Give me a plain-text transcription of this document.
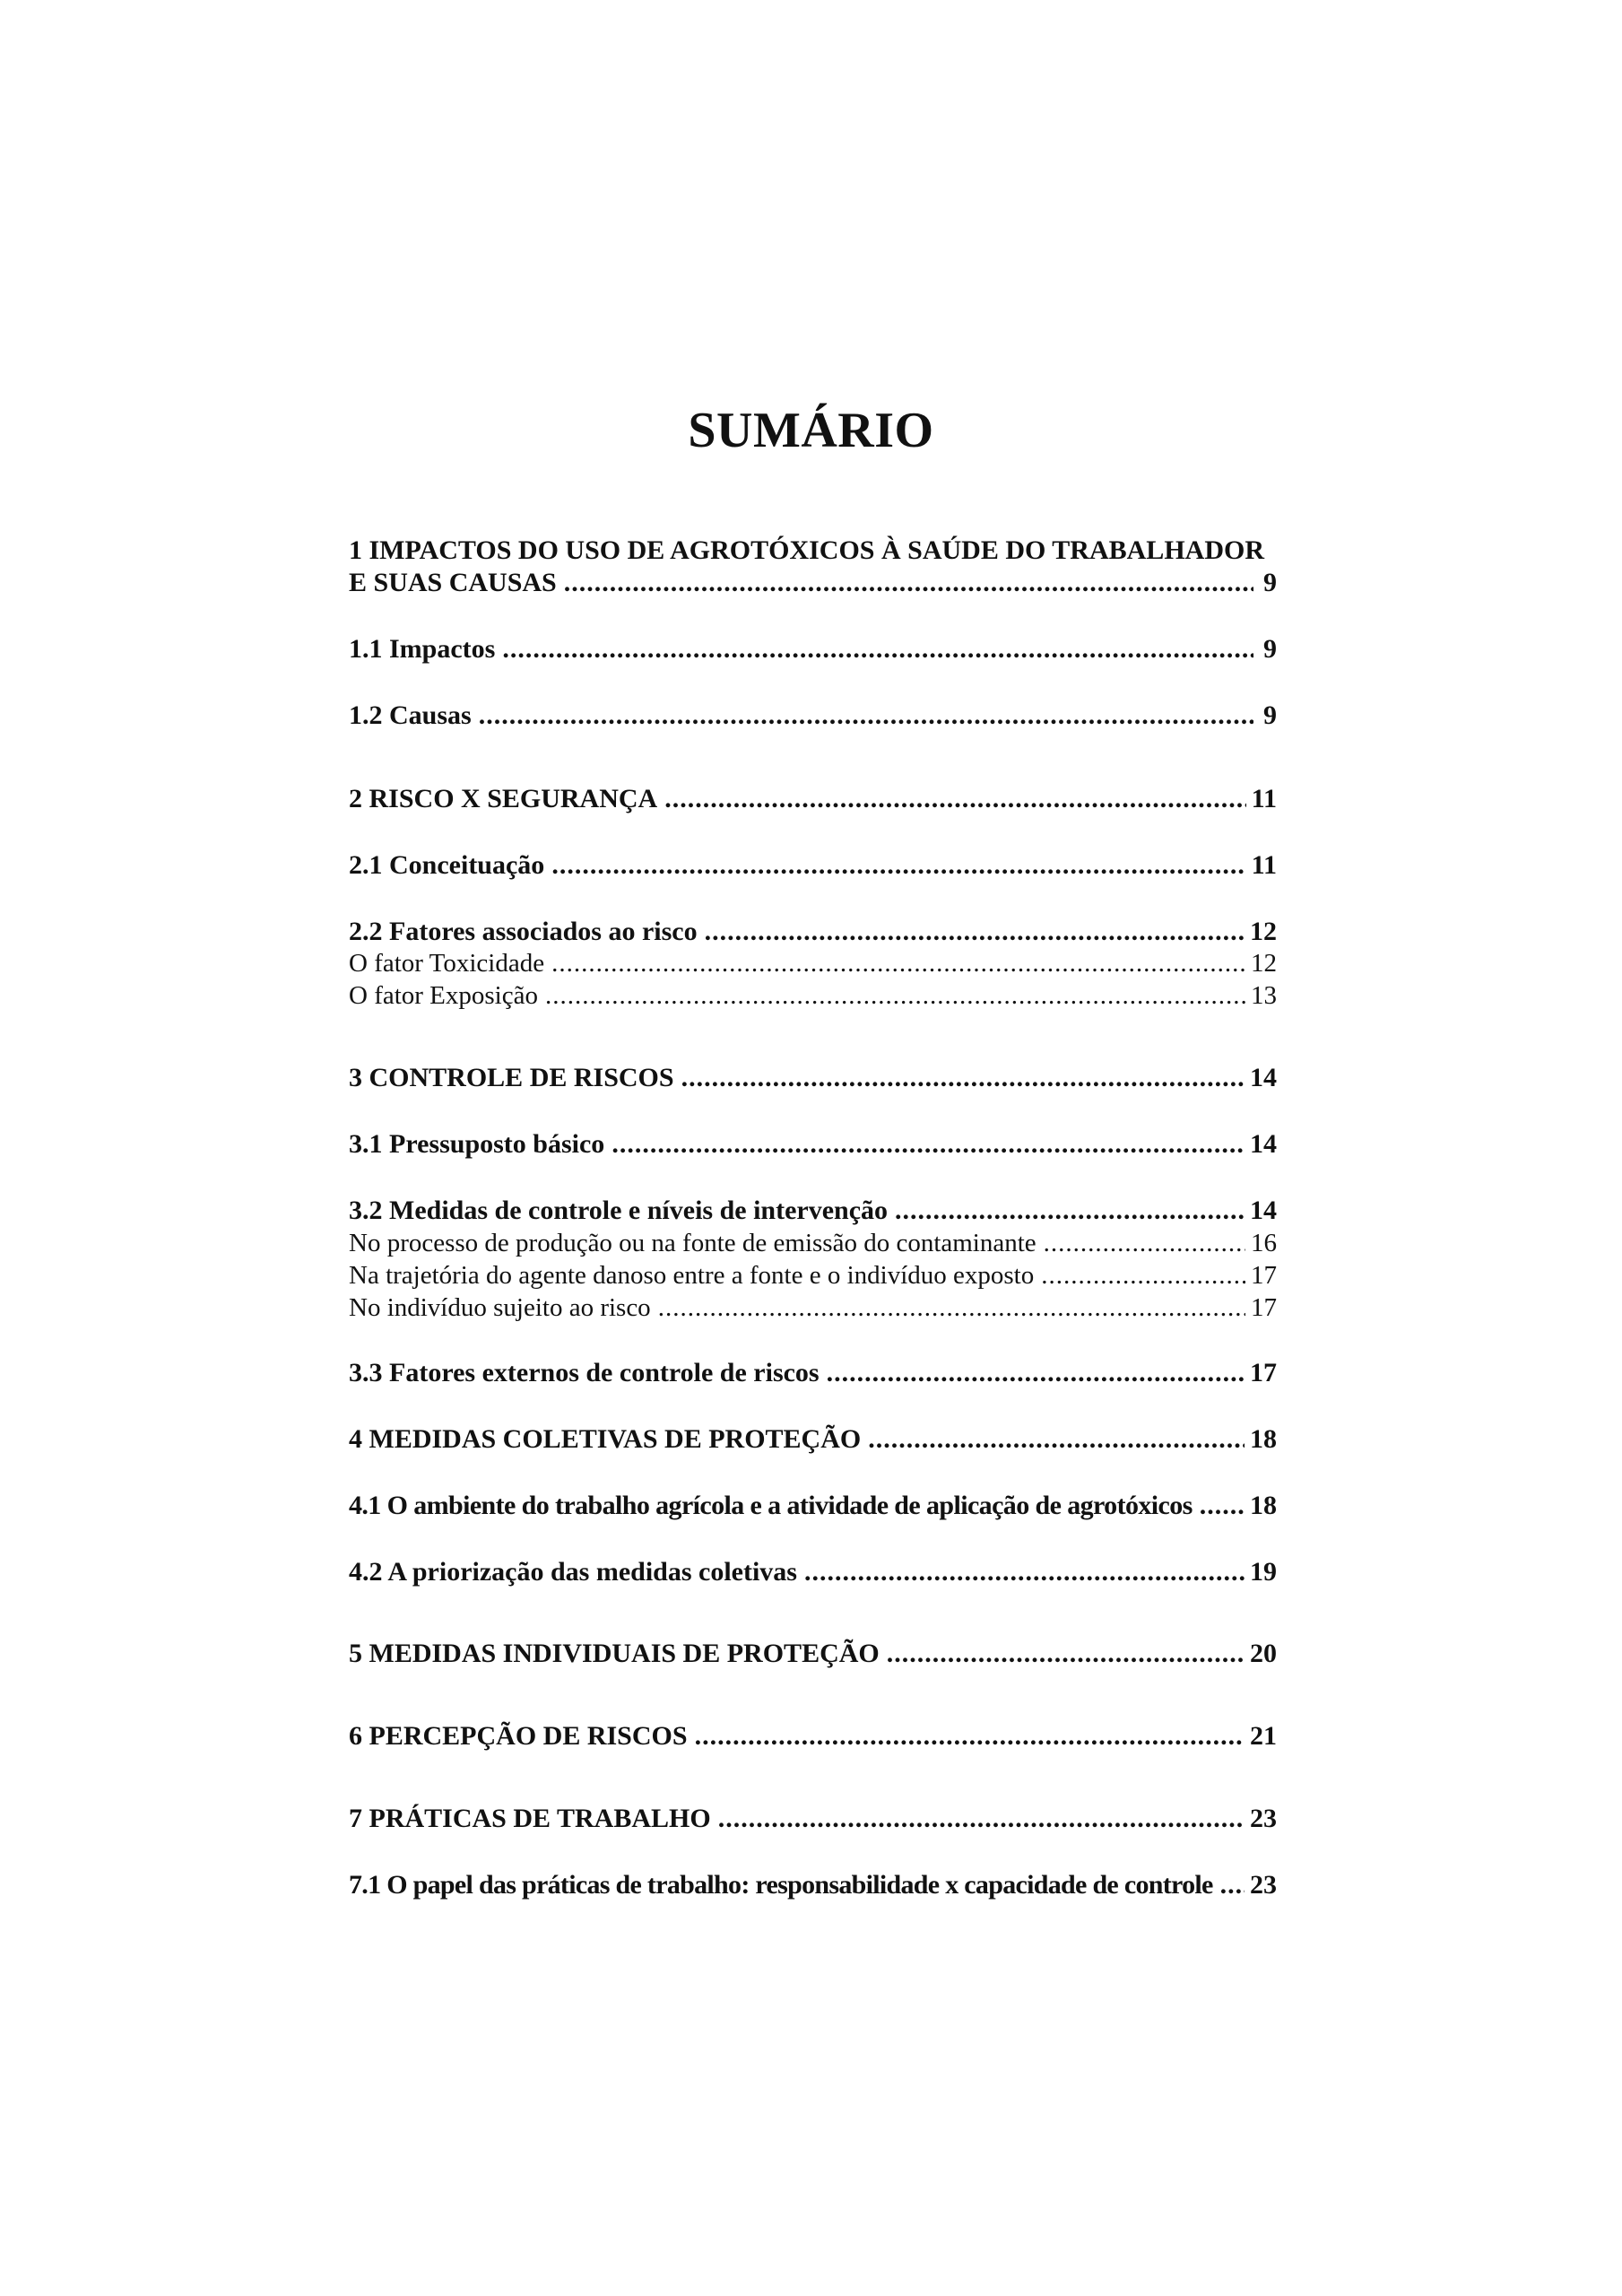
SUMÁRIO
1 IMPACTOS DO USO DE AGROTÓXICOS À SAÚDE DO TRABALHADOR
E SUAS CAUSAS .....	9
1.1 Impactos .....	9
1.2 Causas .....	9
2 RISCO X SEGURANÇA .....	11
2.1 Conceituação .....	11
2.2 Fatores associados ao risco .....	12
O fator Toxicidade .....	12
O fator Exposição .....	13
3 CONTROLE DE RISCOS .....	14
3.1 Pressuposto básico .....	14
3.2 Medidas de controle e níveis de intervenção .....	14
No processo de produção ou na fonte de emissão do contaminante .....	16
Na trajetória do agente danoso entre a fonte e o indivíduo exposto .....	17
No indivíduo sujeito ao risco .....	17
3.3 Fatores externos de controle de riscos .....	17
4 MEDIDAS COLETIVAS DE PROTEÇÃO .....	18
4.1 O ambiente do trabalho agrícola e a atividade de aplicação de agrotóxicos ..... 18
4.2 A priorização das medidas coletivas .....	19
5 MEDIDAS INDIVIDUAIS DE PROTEÇÃO .....	20
6 PERCEPÇÃO DE RISCOS .....	21
7 PRÁTICAS DE TRABALHO .....	23
7.1 O papel das práticas de trabalho: responsabilidade x capacidade de controle ..... 23
